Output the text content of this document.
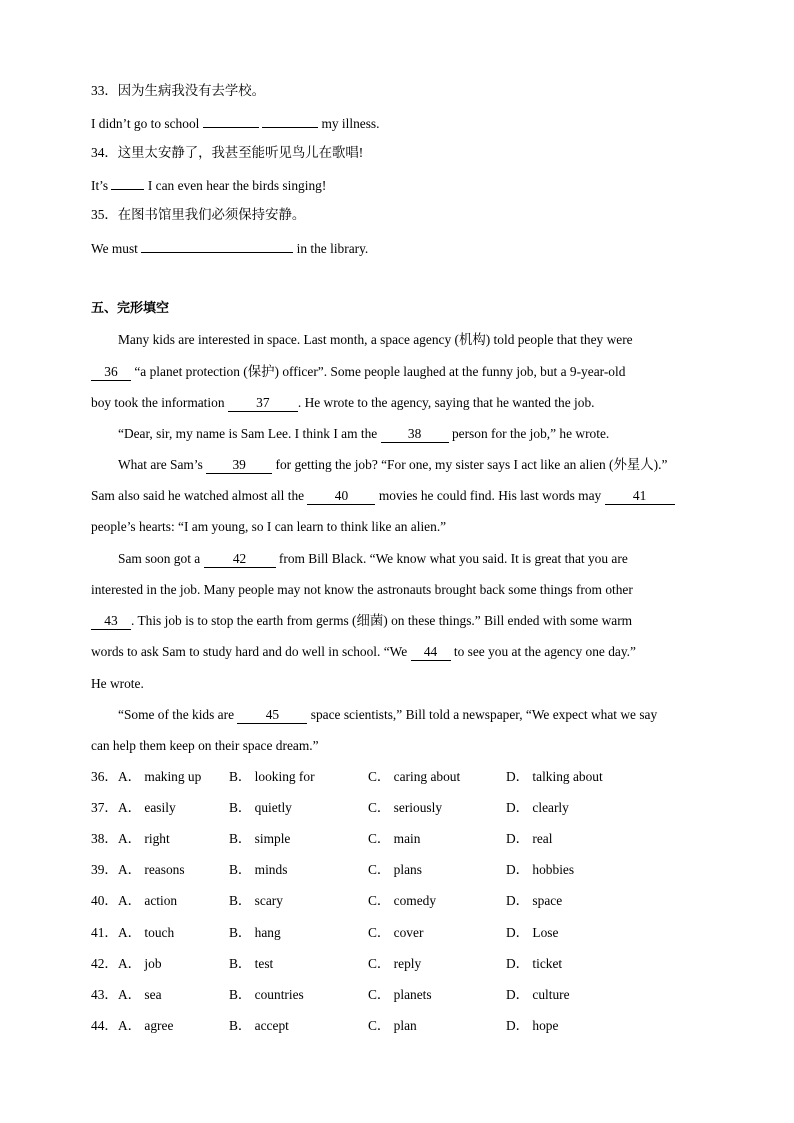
33．因为生病我没有去学校。
I didn’t go to school	my illness.
34．这里太安静了，我甚至能听见鸟儿在歌唱!
It’s	I can even hear the birds singing!
35．在图书馆里我们必须保持安静。
We must	in the library.
五、完形填空
Many kids are interested in space. Last month, a space agency (机构) told people that they were
36 “a planet protection (保护) officer”. Some people laughed at the funny job, but a 9-year-old
boy took the information 37 . He wrote to the agency, saying that he wanted the job.
“Dear, sir, my name is Sam Lee. I think I am the 38 person for the job,” he wrote.
What are Sam’s 39 for getting the job? “For one, my sister says I act like an alien (外星人).”
Sam also said he watched almost all the 40 movies he could find. His last words may 41
people’s hearts: “I am young, so I can learn to think like an alien.”
Sam soon got a 42 from Bill Black. “We know what you said. It is great that you are
interested in the job. Many people may not know the astronauts brought back some things from other
43 . This job is to stop the earth from germs (细菌) on these things.” Bill ended with some warm
words to ask Sam to study hard and do well in school. “We 44 to see you at the agency one day.”
He wrote.
“Some of the kids are 45 space scientists,” Bill told a newspaper, “We expect what we say
can help them keep on their space dream.”
36． A． making up B． looking for	C． caring about	D． talking about
37． A． easily	B． quietly	C． seriously	D． clearly
38． A． right	B． simple	C． main	D． real
39． A． reasons	B． minds	C． plans	D． hobbies
40． A． action	B． scary	C． comedy	D． space
41． A． touch	B． hang	C． cover	D． Lose
42． A． job	B． test	C． reply	D． ticket
43． A． sea	B． countries	C． planets	D． culture
44． A． agree	B． accept	C． plan	D． hope
